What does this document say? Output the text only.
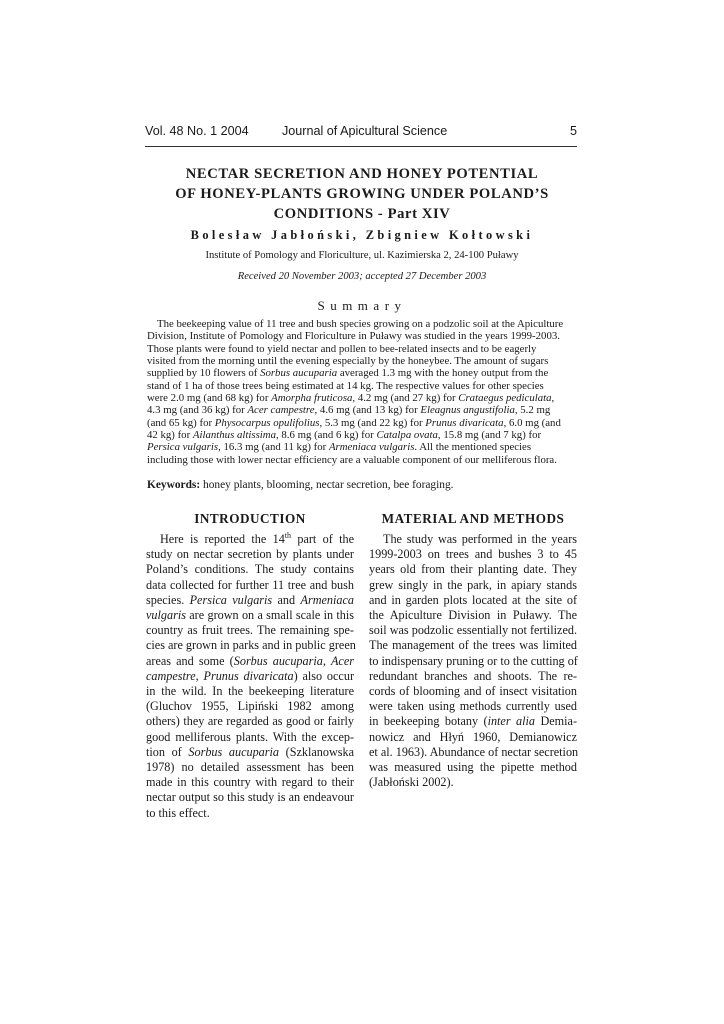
Vol. 48 No. 1 2004	Journal of Apicultural Science	5
NECTAR SECRETION AND HONEY POTENTIAL
OF HONEY-PLANTS GROWING UNDER POLAND’S
CONDITIONS - Part XIV
Bolesław Jabłoński, Zbigniew Kołtowski
Institute of Pomology and Floriculture, ul. Kazimierska 2, 24-100 Puławy
Received 20 November 2003; accepted 27 December 2003
Summary
The beekeeping value of 11 tree and bush species growing on a podzolic soil at the Apiculture
Division, Institute of Pomology and Floriculture in Puławy was studied in the years 1999-2003.
Those plants were found to yield nectar and pollen to bee-related insects and to be eagerly
visited from the morning until the evening especially by the honeybee. The amount of sugars
supplied by 10 flowers of Sorbus aucuparia averaged 1.3 mg with the honey output from the
stand of 1 ha of those trees being estimated at 14 kg. The respective values for other species
were 2.0 mg (and 68 kg) for Amorpha fruticosa, 4.2 mg (and 27 kg) for Crataegus pediculata,
4.3 mg (and 36 kg) for Acer campestre, 4.6 mg (and 13 kg) for Eleagnus angustifolia, 5.2 mg
(and 65 kg) for Physocarpus opulifolius, 5.3 mg (and 22 kg) for Prunus divaricata, 6.0 mg (and
42 kg) for Ailanthus altissima, 8.6 mg (and 6 kg) for Catalpa ovata, 15.8 mg (and 7 kg) for
Persica vulgaris, 16.3 mg (and 11 kg) for Armeniaca vulgaris. All the mentioned species
including those with lower nectar efficiency are a valuable component of our melliferous flora.
Keywords: honey plants, blooming, nectar secretion, bee foraging.
INTRODUCTION
Here is reported the 14th part of the
study on nectar secretion by plants under
Poland’s conditions. The study contains
data collected for further 11 tree and bush
species. Persica vulgaris and Armeniaca
vulgaris are grown on a small scale in this
country as fruit trees. The remaining spe-
cies are grown in parks and in public green
areas and some (Sorbus aucuparia, Acer
campestre, Prunus divaricata) also occur
in the wild. In the beekeeping literature
(Gluchov 1955, Lipiński 1982 among
others) they are regarded as good or fairly
good melliferous plants. With the excep-
tion of Sorbus aucuparia (Szklanowska
1978) no detailed assessment has been
made in this country with regard to their
nectar output so this study is an endeavour
to this effect.
MATERIAL AND METHODS
The study was performed in the years
1999-2003 on trees and bushes 3 to 45
years old from their planting date. They
grew singly in the park, in apiary stands
and in garden plots located at the site of
the Apiculture Division in Puławy. The
soil was podzolic essentially not fertilized.
The management of the trees was limited
to indispensary pruning or to the cutting of
redundant branches and shoots. The re-
cords of blooming and of insect visitation
were taken using methods currently used
in beekeeping botany (inter alia Demia-
nowicz and Hłyń 1960, Demianowicz
et al. 1963). Abundance of nectar secretion
was measured using the pipette method
(Jabłoński 2002).
